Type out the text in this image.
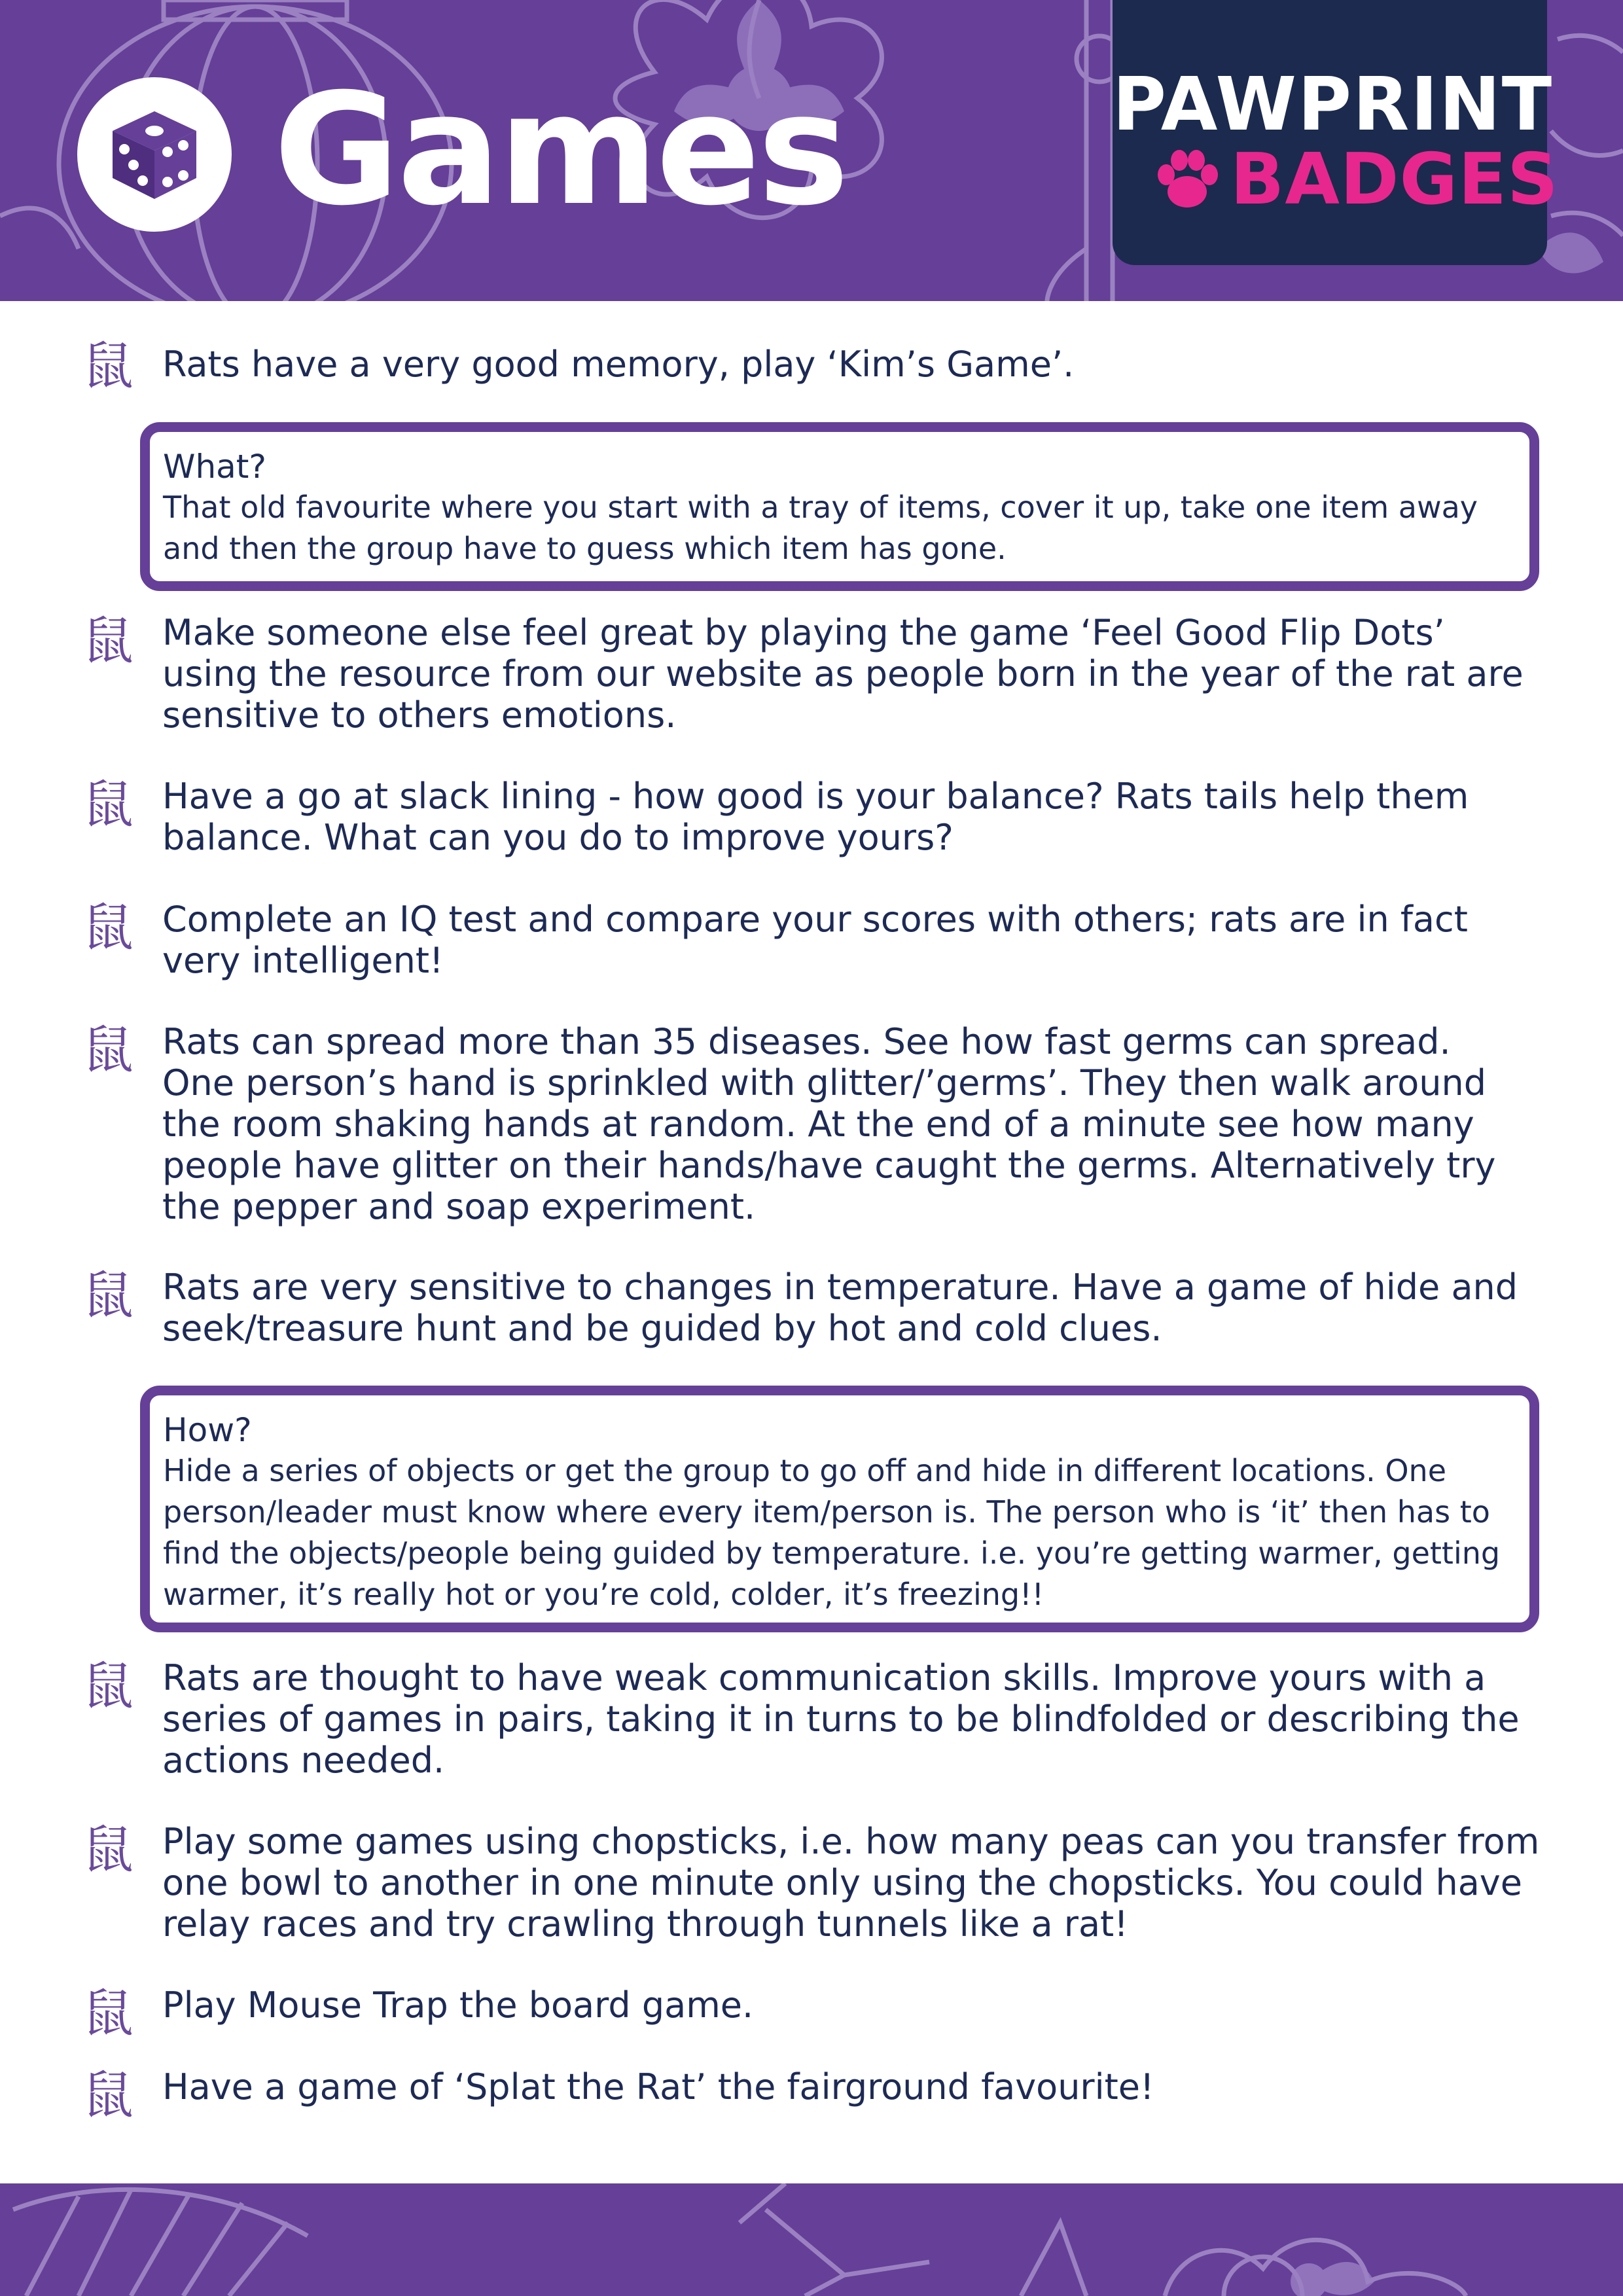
Games	PAWPRINT
BADGES
鼠 Rats have a very good memory, play ‘Kim’s Game’.
What?
That old favourite where you start with a tray of items, cover it up, take one item away
and then the group have to guess which item has gone.
鼠 Make someone else feel great by playing the game ‘Feel Good Flip Dots’
using the resource from our website as people born in the year of the rat are
sensitive to others emotions.
鼠 Have a go at slack lining - how good is your balance? Rats tails help them
balance. What can you do to improve yours?
鼠 Complete an IQ test and compare your scores with others; rats are in fact
very intelligent!
鼠 Rats can spread more than 35 diseases. See how fast germs can spread.
One person’s hand is sprinkled with glitter/’germs’. They then walk around
the room shaking hands at random. At the end of a minute see how many
people have glitter on their hands/have caught the germs. Alternatively try
the pepper and soap experiment.
鼠 Rats are very sensitive to changes in temperature. Have a game of hide and
seek/treasure hunt and be guided by hot and cold clues.
How?
Hide a series of objects or get the group to go off and hide in different locations. One
person/leader must know where every item/person is. The person who is ‘it’ then has to
find the objects/people being guided by temperature. i.e. you’re getting warmer, getting
warmer, it’s really hot or you’re cold, colder, it’s freezing!!
鼠 Rats are thought to have weak communication skills. Improve yours with a
series of games in pairs, taking it in turns to be blindfolded or describing the
actions needed.
鼠 Play some games using chopsticks, i.e. how many peas can you transfer from
one bowl to another in one minute only using the chopsticks. You could have
relay races and try crawling through tunnels like a rat!
鼠 Play Mouse Trap the board game.
鼠 Have a game of ‘Splat the Rat’ the fairground favourite!
